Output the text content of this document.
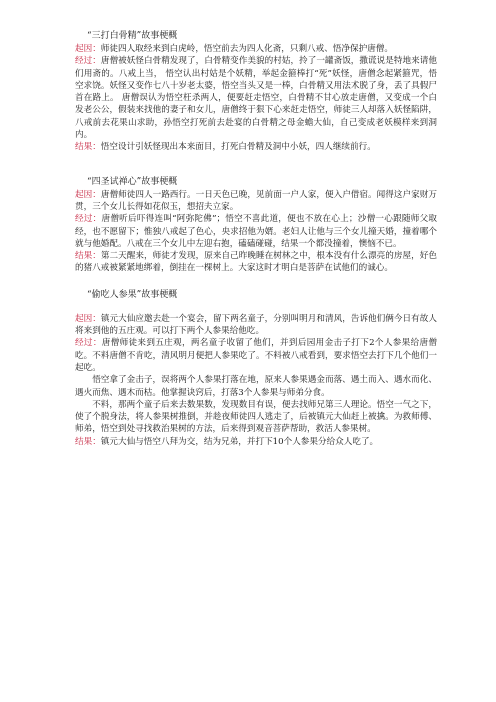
“三打白骨精”故事梗概

起因：师徒四人取经来到白虎岭，悟空前去为四人化斋，只剩八戒、悟净保护唐僧。

经过：唐僧被妖怪白骨精发现了，白骨精变作美貌的村姑，拎了一罐斋饭，撒谎说是特地来请他们用斋的。八戒上当， 悟空认出村姑是个妖精，举起金箍棒打“死”妖怪，唐僧念起紧箍咒，悟空求饶。妖怪又变作七八十岁老太婆，悟空当头又是一棒，白骨精又用法术脱了身，丢了具假尸首在路上。 唐僧误认为悟空枉杀两人，便要赶走悟空，白骨精不甘心放走唐僧，又变成一个白发老公公，假装来找他的妻子和女儿，唐僧终于狠下心来赶走悟空，师徒三人却落入妖怪陷阱，八戒前去花果山求助，孙悟空打死前去赴宴的白骨精之母金蟾大仙，自己变成老妖模样来到洞内。

结果：悟空设计引妖怪现出本来面目，打死白骨精及洞中小妖，四人继续前行。

“四圣试禅心”故事梗概

起因：唐僧师徒四人一路西行。一日天色已晚，见前面一户人家，便入户借宿。闻得这户家财万贯，三个女儿长得如花似玉，想招夫立家。

经过：唐僧听后吓得连叫“阿弥陀佛”；悟空不喜此道，便也不放在心上；沙僧一心跟随师父取经，也不愿留下；惟独八戒起了色心，央求招他为婿。老妇人让他与三个女儿撞天婚，撞着哪个就与他婚配。八戒在三个女儿中左迎右抱，磕磕碰碰，结果一个都没撞着，懊恼不已。

结果：第二天醒来，师徒才发现，原来自己昨晚睡在树林之中，根本没有什么漂亮的房屋，好色的猪八戒被紧紧地绑着，倒挂在一棵树上。大家这时才明白是菩萨在试他们的诚心。

“偷吃人参果”故事梗概

起因：镇元大仙应邀去赴一个宴会，留下两名童子，分别叫明月和清风，告诉他们俩今日有故人将来到他的五庄观。可以打下两个人参果给他吃。

经过：唐僧师徒来到五庄观，两名童子收留了他们，并到后园用金击子打下2个人参果给唐僧吃。不料唐僧不肯吃，清风明月便把人参果吃了。不料被八戒看到，要求悟空去打下几个他们一起吃。

悟空拿了金击子，误将两个人参果打落在地，原来人参果遇金而落、遇土而入、遇水而化、遇火而焦、遇木而枯。他掌握诀窍后，打落3个人参果与师弟分食。

不料，那两个童子后来去数果数，发现数目有误，便去找师兄第三人理论。悟空一气之下，使了个脱身法，将人参果树推倒，并趁夜师徒四人逃走了，后被镇元大仙赶上被擒。为救师傅、师弟，悟空到处寻找救治果树的方法，后来得到观音菩萨帮助，救活人参果树。

结果：镇元大仙与悟空八拜为交，结为兄弟，并打下10个人参果分给众人吃了。
